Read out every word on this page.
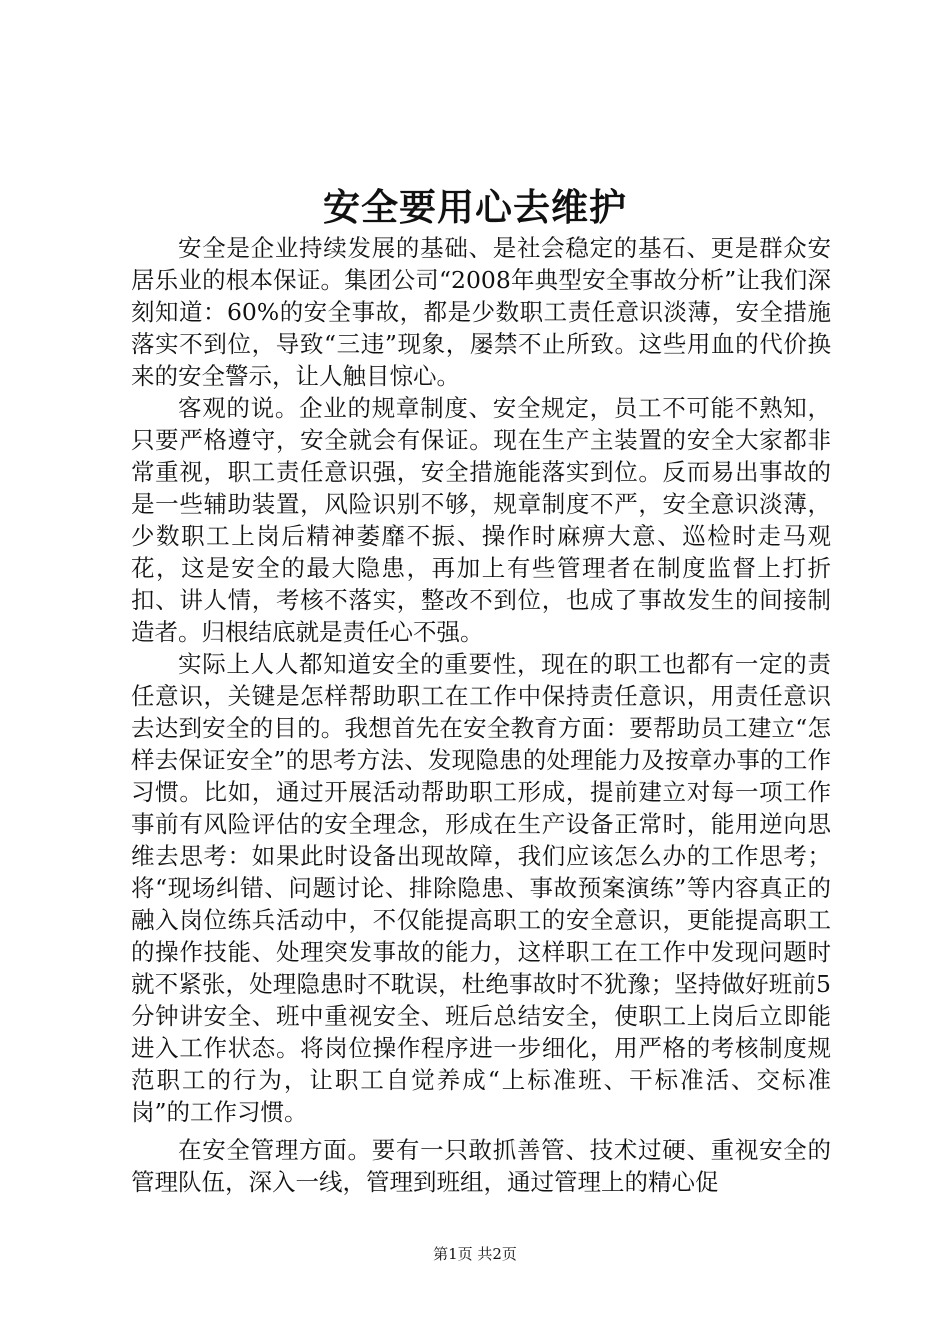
安全要用心去维护

安全是企业持续发展的基础、是社会稳定的基石、更是群众安居乐业的根本保证。集团公司“2008年典型安全事故分析”让我们深刻知道：60%的安全事故，都是少数职工责任意识淡薄，安全措施落实不到位，导致“三违”现象，屡禁不止所致。这些用血的代价换来的安全警示，让人触目惊心。

客观的说。企业的规章制度、安全规定，员工不可能不熟知，只要严格遵守，安全就会有保证。现在生产主装置的安全大家都非常重视，职工责任意识强，安全措施能落实到位。反而易出事故的是一些辅助装置，风险识别不够，规章制度不严，安全意识淡薄，少数职工上岗后精神萎靡不振、操作时麻痹大意、巡检时走马观花，这是安全的最大隐患，再加上有些管理者在制度监督上打折扣、讲人情，考核不落实，整改不到位，也成了事故发生的间接制造者。归根结底就是责任心不强。

实际上人人都知道安全的重要性，现在的职工也都有一定的责任意识，关键是怎样帮助职工在工作中保持责任意识，用责任意识去达到安全的目的。我想首先在安全教育方面：要帮助员工建立“怎样去保证安全”的思考方法、发现隐患的处理能力及按章办事的工作习惯。比如，通过开展活动帮助职工形成，提前建立对每一项工作事前有风险评估的安全理念，形成在生产设备正常时，能用逆向思维去思考：如果此时设备出现故障，我们应该怎么办的工作思考；将“现场纠错、问题讨论、排除隐患、事故预案演练”等内容真正的融入岗位练兵活动中，不仅能提高职工的安全意识，更能提高职工的操作技能、处理突发事故的能力，这样职工在工作中发现问题时就不紧张，处理隐患时不耽误，杜绝事故时不犹豫；坚持做好班前5分钟讲安全、班中重视安全、班后总结安全，使职工上岗后立即能进入工作状态。将岗位操作程序进一步细化，用严格的考核制度规范职工的行为，让职工自觉养成“上标准班、干标准活、交标准岗”的工作习惯。

在安全管理方面。要有一只敢抓善管、技术过硬、重视安全的管理队伍，深入一线，管理到班组，通过管理上的精心促

第1页 共2页
